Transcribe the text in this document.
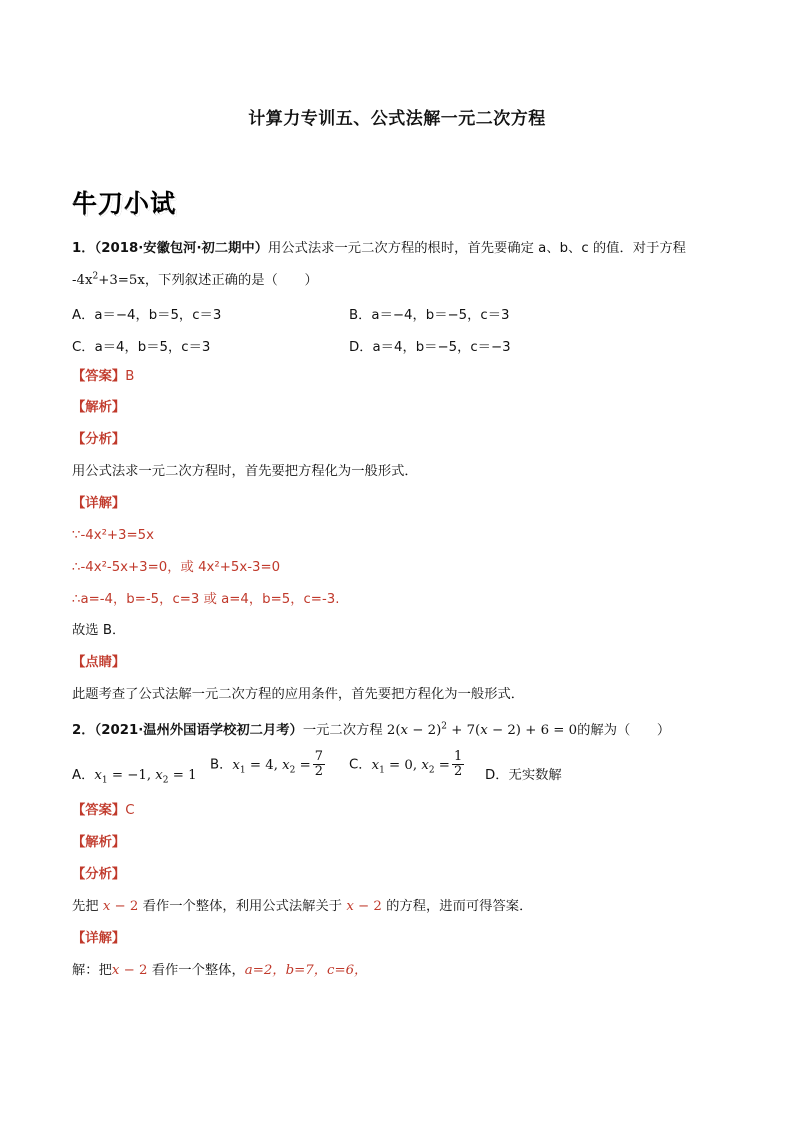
计算力专训五、公式法解一元二次方程
牛刀小试
1．（2018·安徽包河·初二期中）用公式法求一元二次方程的根时，首先要确定 a、b、c 的值．对于方程
$-4x^2+3=5x$，下列叙述正确的是（　　）
A．a＝−4，b＝5，c＝3	B．a＝−4，b＝−5，c＝3
C．a＝4，b＝5，c＝3	D．a＝4，b＝−5，c＝−3
【答案】B
【解析】
【分析】
用公式法求一元二次方程时，首先要把方程化为一般形式．
【详解】
∵-4x²+3=5x
∴-4x²-5x+3=0，或 4x²+5x-3=0
∴a=-4，b=-5，c=3 或 a=4，b=5，c=-3.
故选 B．
【点睛】
此题考查了公式法解一元二次方程的应用条件，首先要把方程化为一般形式．
2．（2021·温州外国语学校初二月考）一元二次方程 $2(x - 2)^2 + 7(x - 2) + 6 = 0$的解为（　　）
A．$x_1 = -1$, $x_2 = 1$
B．$x_1 = 4$, $x_2 = \frac{7}{2}$ C．$x_1 = 0$, $x_2 = \frac{1}{2}$ D．无实数解
【答案】C
【解析】
【分析】
先把 x − 2 看作一个整体，利用公式法解关于 x − 2 的方程，进而可得答案．
【详解】
解：把x − 2 看作一个整体，a=2，b=7，c=6，
